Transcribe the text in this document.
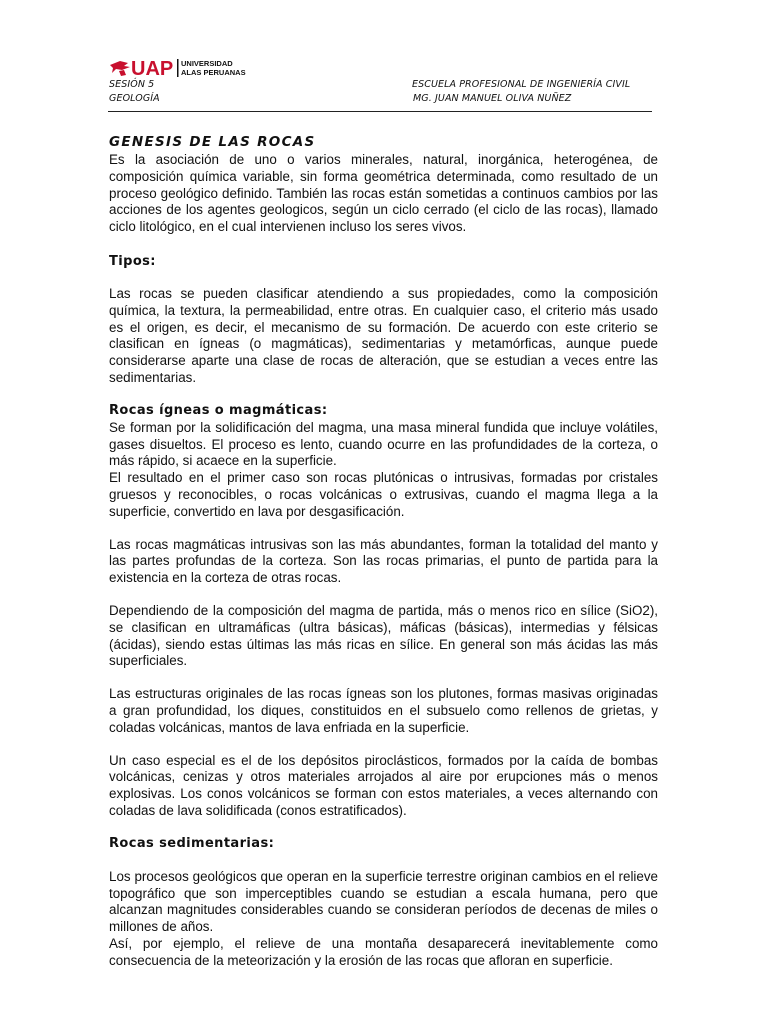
UAP UNIVERSIDAD
ALAS PERUANAS
SESIÓN 5	ESCUELA PROFESIONAL DE INGENIERÍA CIVIL
GEOLOGÍA	MG. JUAN MANUEL OLIVA NUÑEZ
GENESIS DE LAS ROCAS

Es la asociación de uno o varios minerales, natural, inorgánica, heterogénea, de composición química variable, sin forma geométrica determinada, como resultado de un proceso geológico definido. También las rocas están sometidas a continuos cambios por las acciones de los agentes geologicos, según un ciclo cerrado (el ciclo de las rocas), llamado ciclo litológico, en el cual intervienen incluso los seres vivos.

Tipos:

Las rocas se pueden clasificar atendiendo a sus propiedades, como la composición química, la textura, la permeabilidad, entre otras. En cualquier caso, el criterio más usado es el origen, es decir, el mecanismo de su formación. De acuerdo con este criterio se clasifican en ígneas (o magmáticas), sedimentarias y metamórficas, aunque puede considerarse aparte una clase de rocas de alteración, que se estudian a veces entre las sedimentarias.

Rocas ígneas o magmáticas:

Se forman por la solidificación del magma, una masa mineral fundida que incluye volátiles, gases disueltos. El proceso es lento, cuando ocurre en las profundidades de la corteza, o más rápido, si acaece en la superficie.

El resultado en el primer caso son rocas plutónicas o intrusivas, formadas por cristales gruesos y reconocibles, o rocas volcánicas o extrusivas, cuando el magma llega a la superficie, convertido en lava por desgasificación.

Las rocas magmáticas intrusivas son las más abundantes, forman la totalidad del manto y las partes profundas de la corteza. Son las rocas primarias, el punto de partida para la existencia en la corteza de otras rocas.

Dependiendo de la composición del magma de partida, más o menos rico en sílice (SiO2), se clasifican en ultramáficas (ultra básicas), máficas (básicas), intermedias y félsicas (ácidas), siendo estas últimas las más ricas en sílice. En general son más ácidas las más superficiales.

Las estructuras originales de las rocas ígneas son los plutones, formas masivas originadas a gran profundidad, los diques, constituidos en el subsuelo como rellenos de grietas, y coladas volcánicas, mantos de lava enfriada en la superficie.

Un caso especial es el de los depósitos piroclásticos, formados por la caída de bombas volcánicas, cenizas y otros materiales arrojados al aire por erupciones más o menos explosivas. Los conos volcánicos se forman con estos materiales, a veces alternando con coladas de lava solidificada (conos estratificados).

Rocas sedimentarias:

Los procesos geológicos que operan en la superficie terrestre originan cambios en el relieve topográfico que son imperceptibles cuando se estudian a escala humana, pero que alcanzan magnitudes considerables cuando se consideran períodos de decenas de miles o millones de años.

Así, por ejemplo, el relieve de una montaña desaparecerá inevitablemente como consecuencia de la meteorización y la erosión de las rocas que afloran en superficie.
